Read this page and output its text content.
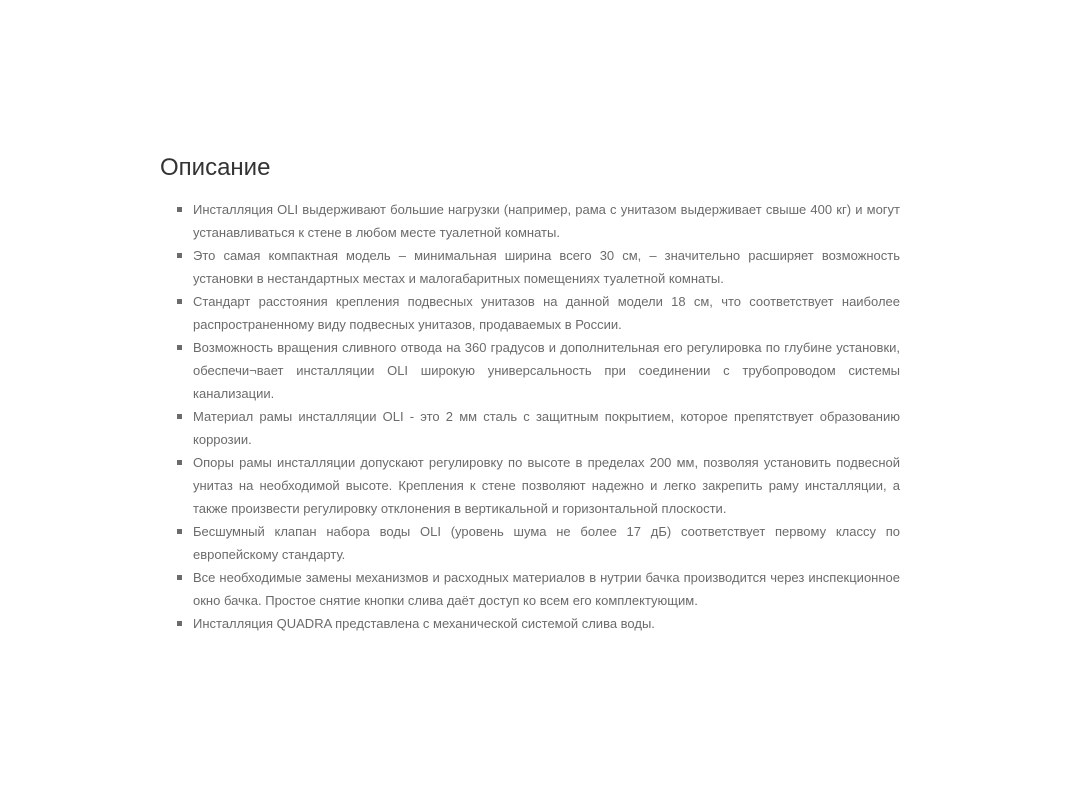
Описание
Инсталляция OLI выдерживают большие нагрузки (например, рама с унитазом выдерживает свыше 400 кг) и могут устанавливаться к стене в любом месте туалетной комнаты.
Это самая компактная модель – минимальная ширина всего 30 см, – значительно расширяет возможность установки в нестандартных местах и малогабаритных помещениях туалетной комнаты.
Стандарт расстояния крепления подвесных унитазов на данной модели 18 см, что соответствует наиболее распространенному виду подвесных унитазов, продаваемых в России.
Возможность вращения сливного отвода на 360 градусов и дополнительная его регулировка по глубине установки, обеспечи¬вает инсталляции OLI широкую универсальность при соединении с трубопроводом системы канализации.
Материал рамы инсталляции OLI - это 2 мм сталь с защитным покрытием, которое препятствует образованию коррозии.
Опоры рамы инсталляции допускают регулировку по высоте в пределах 200 мм, позволяя установить подвесной унитаз на необходимой высоте. Крепления к стене позволяют надежно и легко закрепить раму инсталляции, а также произвести регулировку отклонения в вертикальной и горизонтальной плоскости.
Бесшумный клапан набора воды OLI (уровень шума не более 17 дБ) соответствует первому классу по европейскому стандарту.
Все необходимые замены механизмов и расходных материалов в нутрии бачка производится через инспекционное окно бачка. Простое снятие кнопки слива даёт доступ ко всем его комплектующим.
Инсталляция QUADRA представлена с механической системой слива воды.
